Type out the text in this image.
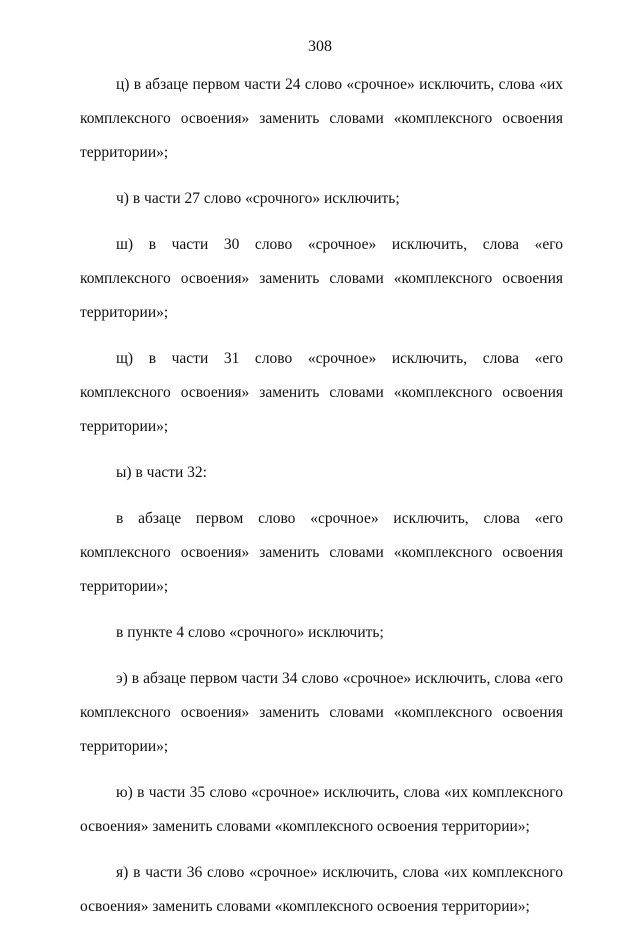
308

ц) в абзаце первом части 24 слово «срочное» исключить, слова «их комплексного освоения» заменить словами «комплексного освоения территории»;

ч) в части 27 слово «срочного» исключить;

ш) в части 30 слово «срочное» исключить, слова «его комплексного освоения» заменить словами «комплексного освоения территории»;

щ) в части 31 слово «срочное» исключить, слова «его комплексного освоения» заменить словами «комплексного освоения территории»;

ы) в части 32:

в абзаце первом слово «срочное» исключить, слова «его комплексного освоения» заменить словами «комплексного освоения территории»;

в пункте 4 слово «срочного» исключить;

э) в абзаце первом части 34 слово «срочное» исключить, слова «его комплексного освоения» заменить словами «комплексного освоения территории»;

ю) в части 35 слово «срочное» исключить, слова «их комплексного освоения» заменить словами «комплексного освоения территории»;

я) в части 36 слово «срочное» исключить, слова «их комплексного освоения» заменить словами «комплексного освоения территории»;
